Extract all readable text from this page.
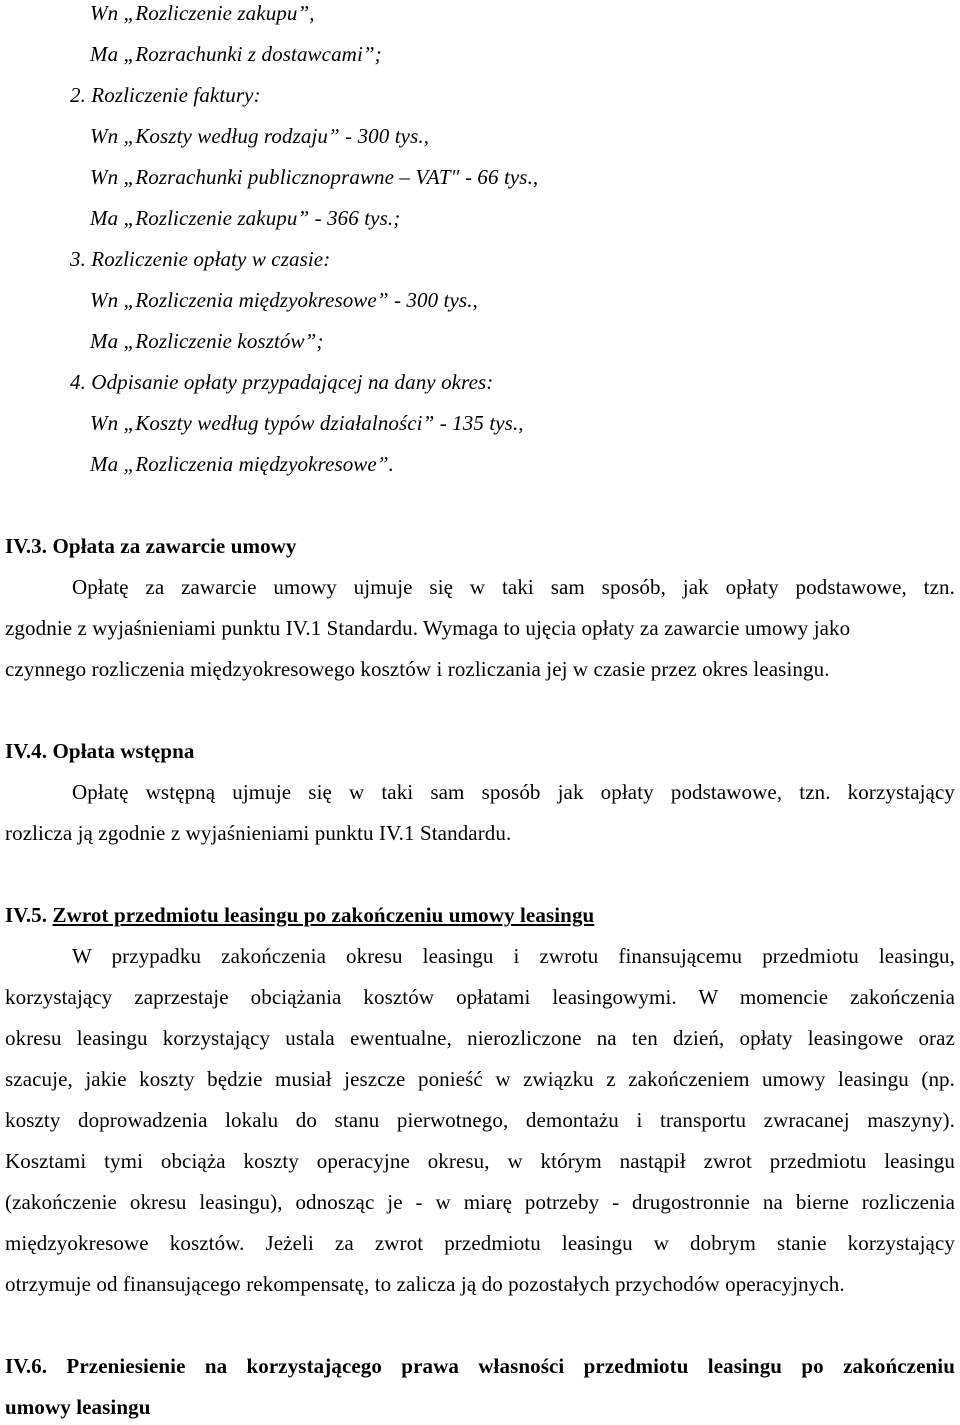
Wn „Rozliczenie zakupu”,
Ma „Rozrachunki z dostawcami”;
2. Rozliczenie faktury:
Wn „Koszty według rodzaju” - 300 tys.,
Wn „Rozrachunki publicznoprawne – VAT" - 66 tys.,
Ma „Rozliczenie zakupu” - 366 tys.;
3. Rozliczenie opłaty w czasie:
Wn „Rozliczenia międzyokresowe” - 300 tys.,
Ma „Rozliczenie kosztów”;
4. Odpisanie opłaty przypadającej na dany okres:
Wn „Koszty według typów działalności” - 135 tys.,
Ma „Rozliczenia międzyokresowe”.
IV.3. Opłata za zawarcie umowy
Opłatę za zawarcie umowy ujmuje się w taki sam sposób, jak opłaty podstawowe, tzn.
zgodnie z wyjaśnieniami punktu IV.1 Standardu. Wymaga to ujęcia opłaty za zawarcie umowy jako
czynnego rozliczenia międzyokresowego kosztów i rozliczania jej w czasie przez okres leasingu.
IV.4. Opłata wstępna
Opłatę wstępną ujmuje się w taki sam sposób jak opłaty podstawowe, tzn. korzystający
rozlicza ją zgodnie z wyjaśnieniami punktu IV.1 Standardu.
IV.5. Zwrot przedmiotu leasingu po zakończeniu umowy leasingu
W przypadku zakończenia okresu leasingu i zwrotu finansującemu przedmiotu leasingu,
korzystający zaprzestaje obciążania kosztów opłatami leasingowymi. W momencie zakończenia
okresu leasingu korzystający ustala ewentualne, nierozliczone na ten dzień, opłaty leasingowe oraz
szacuje, jakie koszty będzie musiał jeszcze ponieść w związku z zakończeniem umowy leasingu (np.
koszty doprowadzenia lokalu do stanu pierwotnego, demontażu i transportu zwracanej maszyny).
Kosztami tymi obciąża koszty operacyjne okresu, w którym nastąpił zwrot przedmiotu leasingu
(zakończenie okresu leasingu), odnosząc je - w miarę potrzeby - drugostronnie na bierne rozliczenia
międzyokresowe kosztów. Jeżeli za zwrot przedmiotu leasingu w dobrym stanie korzystający
otrzymuje od finansującego rekompensatę, to zalicza ją do pozostałych przychodów operacyjnych.
IV.6. Przeniesienie na korzystającego prawa własności przedmiotu leasingu po zakończeniu
umowy leasingu
